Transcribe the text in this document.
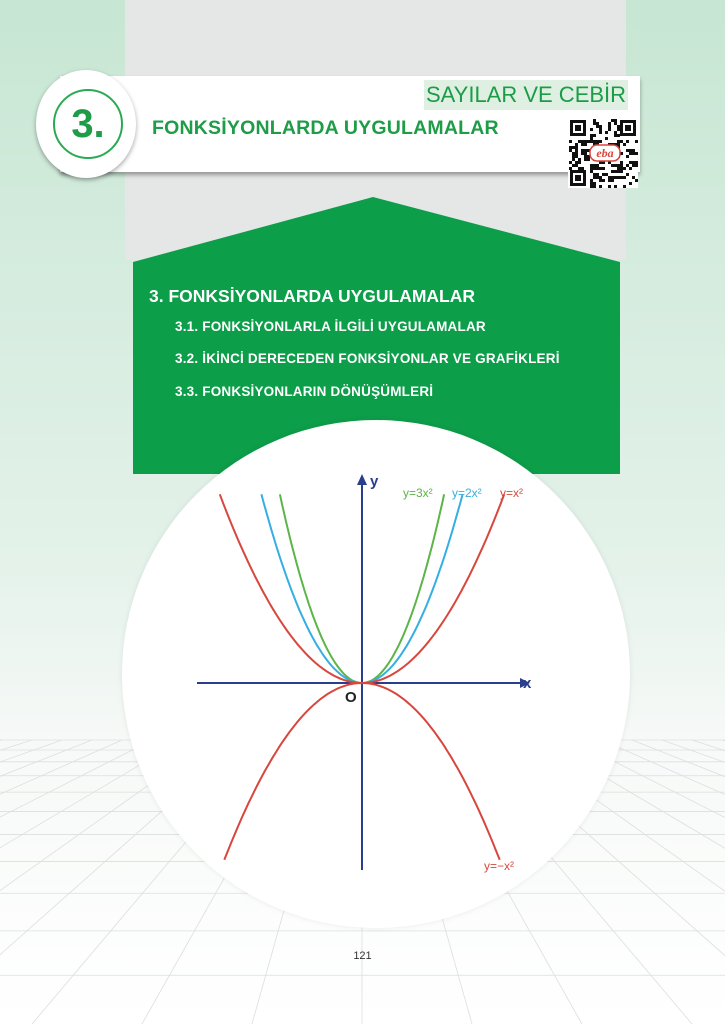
3.
SAYILAR VE CEBİR
FONKSİYONLARDA UYGULAMALAR
eba
3. FONKSİYONLARDA UYGULAMALAR
3.1. FONKSİYONLARLA İLGİLİ UYGULAMALAR
3.2. İKİNCİ DERECEDEN FONKSİYONLAR VE GRAFİKLERİ
3.3. FONKSİYONLARIN DÖNÜŞÜMLERİ
x
y
O
y=3x² y=2x² y=x²
y=−x²
121
